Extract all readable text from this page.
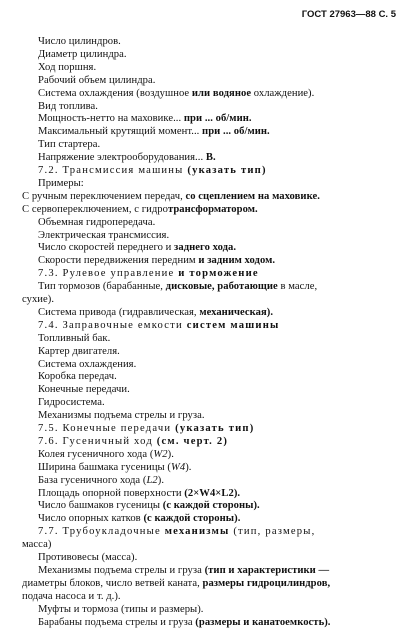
ГОСТ 27963—88 С. 5
Число цилиндров.
Диаметр цилиндра.
Ход поршня.
Рабочий объем цилиндра.
Система охлаждения (воздушное или водяное охлаждение).
Вид топлива.
Мощность-нетто на маховике... при ... об/мин.
Максимальный крутящий момент... при ... об/мин.
Тип стартера.
Напряжение электрооборудования... В.
7.2. Трансмиссия машины (указать тип)
Примеры:
С ручным переключением передач, со сцеплением на маховике.
С сервопереключением, с гидротрансформатором.
Объемная гидропередача.
Электрическая трансмиссия.
Число скоростей переднего и заднего хода.
Скорости передвижения передним и задним ходом.
7.3. Рулевое управление и торможение
Тип тормозов (барабанные, дисковые, работающие в масле,
сухие).
Система привода (гидравлическая, механическая).
7.4. Заправочные емкости систем машины
Топливный бак.
Картер двигателя.
Система охлаждения.
Коробка передач.
Конечные передачи.
Гидросистема.
Механизмы подъема стрелы и груза.
7.5. Конечные передачи (указать тип)
7.6. Гусеничный ход (см. черт. 2)
Колея гусеничного хода (W2).
Ширина башмака гусеницы (W4).
База гусеничного хода (L2).
Площадь опорной поверхности (2×W4×L2).
Число башмаков гусеницы (с каждой стороны).
Число опорных катков (с каждой стороны).
7.7. Трубоукладочные механизмы (тип, размеры,
масса)
Противовесы (масса).
Механизмы подъема стрелы и груза (тип и характеристики —
диаметры блоков, число ветвей каната, размеры гидроцилиндров,
подача насоса и т. д.).
Муфты и тормоза (типы и размеры).
Барабаны подъема стрелы и груза (размеры и канатоемкость).
